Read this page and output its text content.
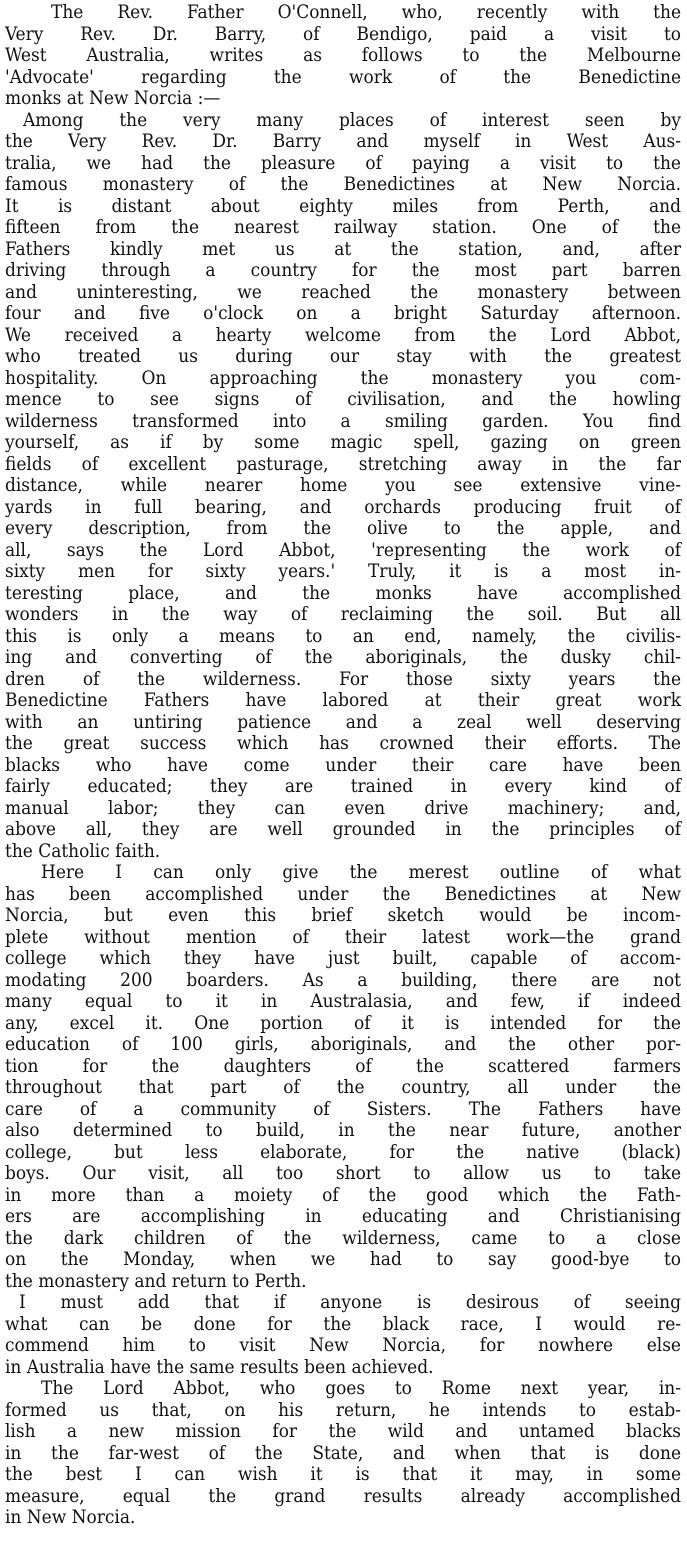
The Rev. Father O'Connell, who, recently with the
Very Rev. Dr. Barry, of Bendigo, paid a visit to
West Australia, writes as follows to the Melbourne
'Advocate' regarding the work of the Benedictine
monks at New Norcia :—
Among the very many places of interest seen by
the Very Rev. Dr. Barry and myself in West Aus-
tralia, we had the pleasure of paying a visit to the
famous monastery of the Benedictines at New Norcia.
It is distant about eighty miles from Perth, and
fifteen from the nearest railway station. One of the
Fathers kindly met us at the station, and, after
driving through a country for the most part barren
and uninteresting, we reached the monastery between
four and five o'clock on a bright Saturday afternoon.
We received a hearty welcome from the Lord Abbot,
who treated us during our stay with the greatest
hospitality. On approaching the monastery you com-
mence to see signs of civilisation, and the howling
wilderness transformed into a smiling garden. You find
yourself, as if by some magic spell, gazing on green
fields of excellent pasturage, stretching away in the far
distance, while nearer home you see extensive vine-
yards in full bearing, and orchards producing fruit of
every description, from the olive to the apple, and
all, says the Lord Abbot, 'representing the work of
sixty men for sixty years.' Truly, it is a most in-
teresting place, and the monks have accomplished
wonders in the way of reclaiming the soil. But all
this is only a means to an end, namely, the civilis-
ing and converting of the aboriginals, the dusky chil-
dren of the wilderness. For those sixty years the
Benedictine Fathers have labored at their great work
with an untiring patience and a zeal well deserving
the great success which has crowned their efforts. The
blacks who have come under their care have been
fairly educated; they are trained in every kind of
manual labor; they can even drive machinery; and,
above all, they are well grounded in the principles of
the Catholic faith.
Here I can only give the merest outline of what
has been accomplished under the Benedictines at New
Norcia, but even this brief sketch would be incom-
plete without mention of their latest work—the grand
college which they have just built, capable of accom-
modating 200 boarders. As a building, there are not
many equal to it in Australasia, and few, if indeed
any, excel it. One portion of it is intended for the
education of 100 girls, aboriginals, and the other por-
tion for the daughters of the scattered farmers
throughout that part of the country, all under the
care of a community of Sisters. The Fathers have
also determined to build, in the near future, another
college, but less elaborate, for the native (black)
boys. Our visit, all too short to allow us to take
in more than a moiety of the good which the Fath-
ers are accomplishing in educating and Christianising
the dark children of the wilderness, came to a close
on the Monday, when we had to say good-bye to
the monastery and return to Perth.
I must add that if anyone is desirous of seeing
what can be done for the black race, I would re-
commend him to visit New Norcia, for nowhere else
in Australia have the same results been achieved.
The Lord Abbot, who goes to Rome next year, in-
formed us that, on his return, he intends to estab-
lish a new mission for the wild and untamed blacks
in the far-west of the State, and when that is done
the best I can wish it is that it may, in some
measure, equal the grand results already accomplished
in New Norcia.
